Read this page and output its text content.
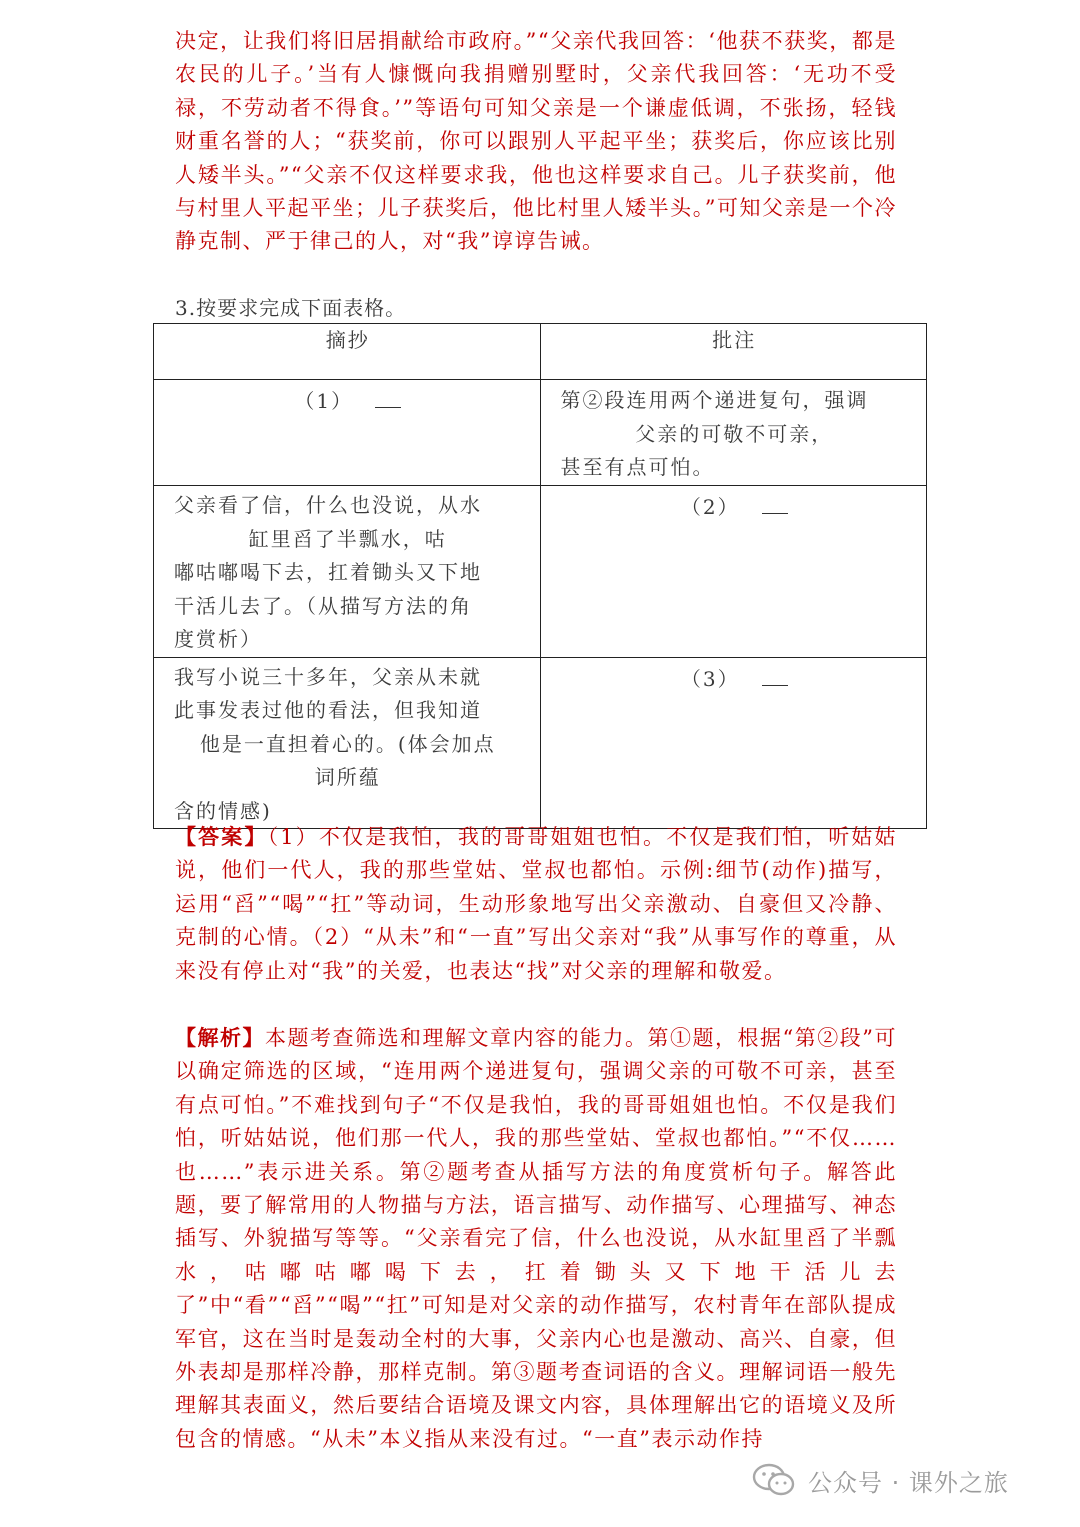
决定，让我们将旧居捐献给市政府。”“父亲代我回答：‘他获不获奖，都是农民的儿子。’当有人慷慨向我捐赠别墅时，父亲代我回答：‘无功不受禄，不劳动者不得食。’”等语句可知父亲是一个谦虚低调，不张扬，轻钱财重名誉的人；“获奖前，你可以跟别人平起平坐；获奖后，你应该比别人矮半头。”“父亲不仅这样要求我，他也这样要求自己。儿子获奖前，他与村里人平起平坐；儿子获奖后，他比村里人矮半头。”可知父亲是一个冷静克制、严于律己的人，对“我”谆谆告诫。

3.按要求完成下面表格。
摘抄	批注

（1）	第②段连用两个递进复句，强调
父亲的可敬不可亲，
甚至有点可怕。

父亲看了信，什么也没说，从水
缸里舀了半瓢水，咕
嘟咕嘟喝下去，扛着锄头又下地
干活儿去了。（从描写方法的角
度赏析）	（2）

我写小说三十多年，父亲从未就
此事发表过他的看法，但我知道
他是一直担着心的。(体会加点
词所蕴
含的情感)	（3）

【答案】（1）不仅是我怕，我的哥哥姐姐也怕。不仅是我们怕，听姑姑说，他们一代人，我的那些堂姑、堂叔也都怕。示例:细节(动作)描写，运用“舀”“喝”“扛”等动词，生动形象地写出父亲激动、自豪但又冷静、克制的心情。（2）“从未”和“一直”写出父亲对“我”从事写作的尊重，从来没有停止对“我”的关爱，也表达“找”对父亲的理解和敬爱。

【解析】本题考查筛选和理解文章内容的能力。第①题，根据“第②段”可以确定筛选的区域，“连用两个递进复句，强调父亲的可敬不可亲，甚至有点可怕。”不难找到句子“不仅是我怕，我的哥哥姐姐也怕。不仅是我们怕，听姑姑说，他们那一代人，我的那些堂姑、堂叔也都怕。”“不仅……也……”表示进关系。第②题考查从插写方法的角度赏析句子。解答此题，要了解常用的人物描与方法，语言描写、动作描写、心理描写、神态插写、外貌描写等等。“父亲看完了信，什么也没说，从水缸里舀了半瓢水，咕嘟咕嘟喝下去，扛着锄头又下地干活儿去了”中“看”“舀”“喝”“扛”可知是对父亲的动作描写，农村青年在部队提成军官，这在当时是轰动全村的大事，父亲内心也是激动、高兴、自豪，但外表却是那样冷静，那样克制。第③题考查词语的含义。理解词语一般先理解其表面义，然后要结合语境及课文内容，具体理解出它的语境义及所包含的情感。“从未”本义指从来没有过。“一直”表示动作持

公众号 · 课外之旅
